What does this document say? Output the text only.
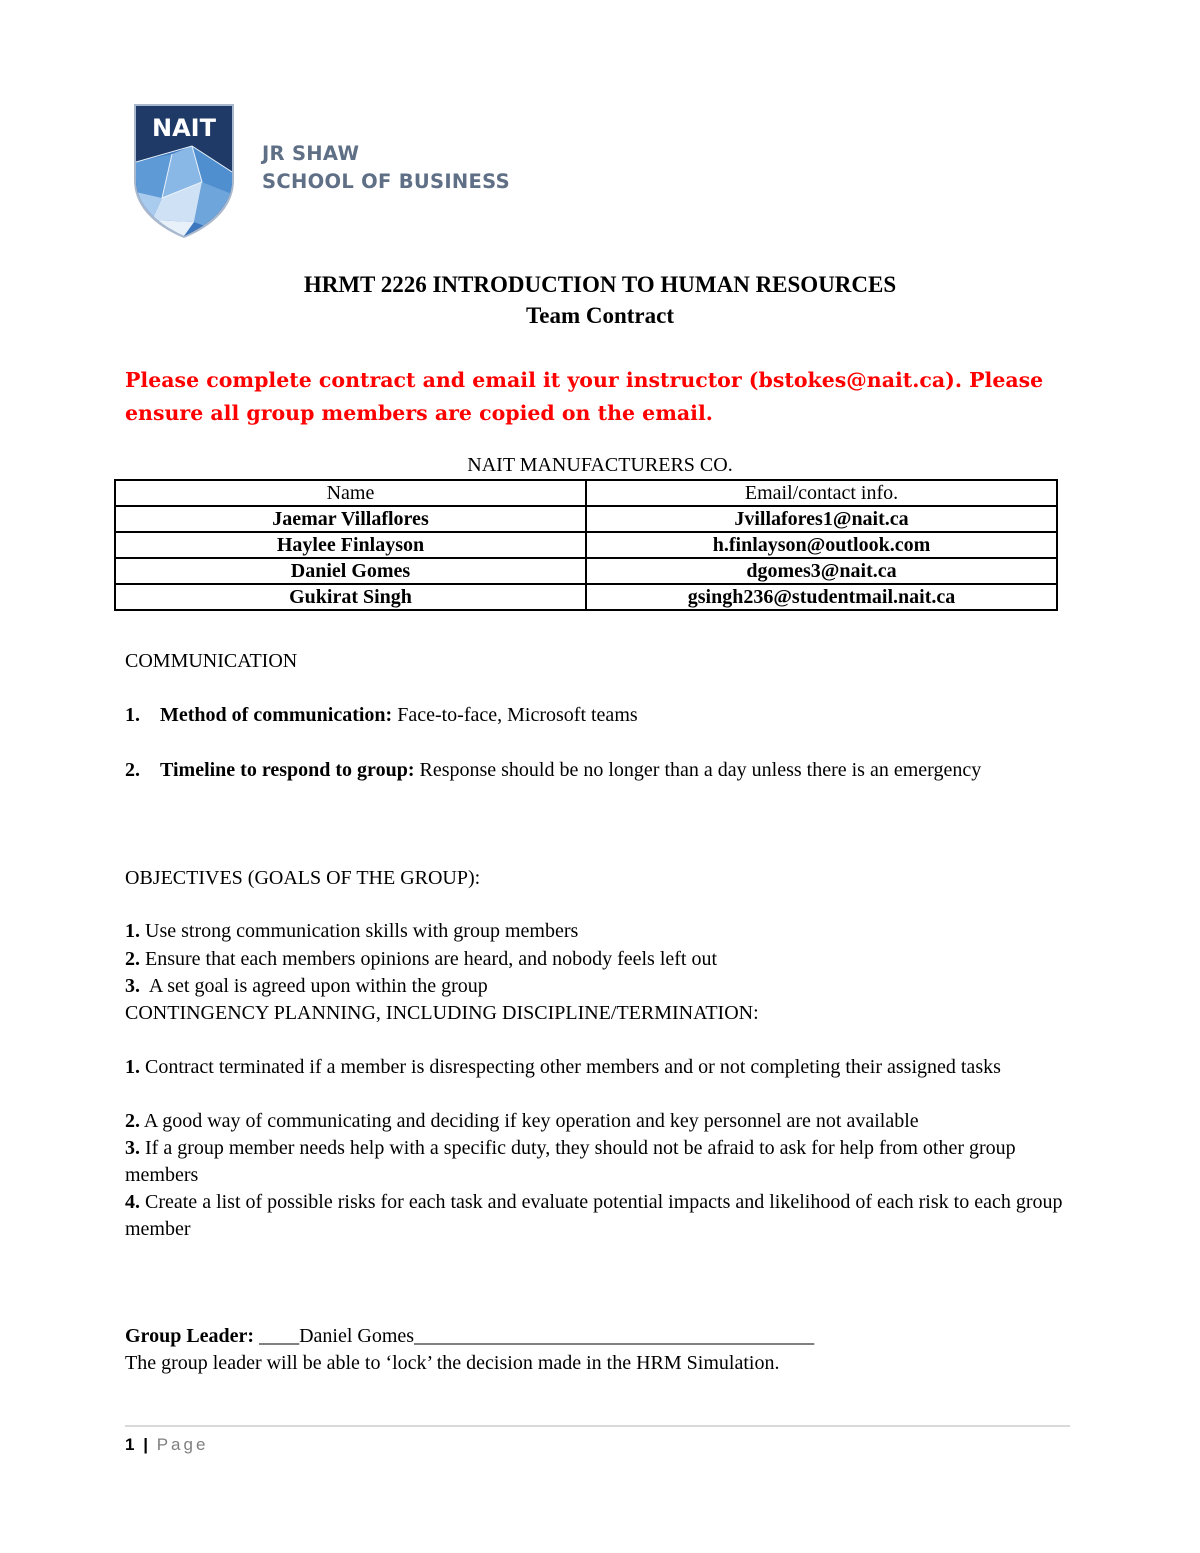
NAIT
JR SHAW
SCHOOL OF BUSINESS
HRMT 2226 INTRODUCTION TO HUMAN RESOURCES
Team Contract
Please complete contract and email it your instructor (bstokes@nait.ca). Please ensure all group members are copied on the email.
NAIT MANUFACTURERS CO.
Name	Email/contact info.
Jaemar Villaflores	Jvillafores1@nait.ca
Haylee Finlayson	h.finlayson@outlook.com
Daniel Gomes	dgomes3@nait.ca
Gukirat Singh	gsingh236@studentmail.nait.ca
COMMUNICATION
1. Method of communication: Face-to-face, Microsoft teams
2. Timeline to respond to group: Response should be no longer than a day unless there is an emergency
OBJECTIVES (GOALS OF THE GROUP):
1. Use strong communication skills with group members
2. Ensure that each members opinions are heard, and nobody feels left out
3.  A set goal is agreed upon within the group
CONTINGENCY PLANNING, INCLUDING DISCIPLINE/TERMINATION:
1. Contract terminated if a member is disrespecting other members and or not completing their assigned tasks
2. A good way of communicating and deciding if key operation and key personnel are not available
3. If a group member needs help with a specific duty, they should not be afraid to ask for help from other group members
4. Create a list of possible risks for each task and evaluate potential impacts and likelihood of each risk to each group member
Group Leader: ____Daniel Gomes________________________________________
The group leader will be able to ‘lock’ the decision made in the HRM Simulation.
1 | Page
